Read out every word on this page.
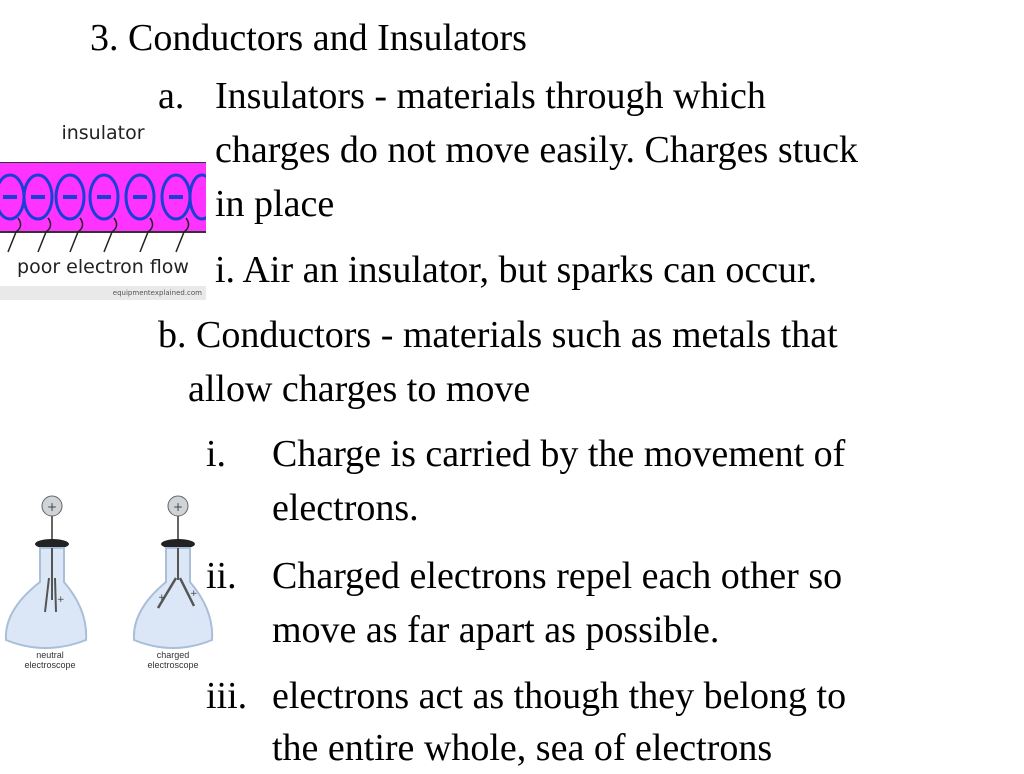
3. Conductors and Insulators
a. Insulators - materials through which
charges do not move easily. Charges stuck
in place
i. Air an insulator, but sparks can occur.
b. Conductors - materials such as metals that
allow charges to move
i. Charge is carried by the movement of
electrons.
ii. Charged electrons repel each other so
move as far apart as possible.
iii. electrons act as though they belong to
the entire whole, sea of electrons
insulator
poor electron flow
equipmentexplained.com
+
+
neutral
electroscope
+
+	+
charged
electroscope
